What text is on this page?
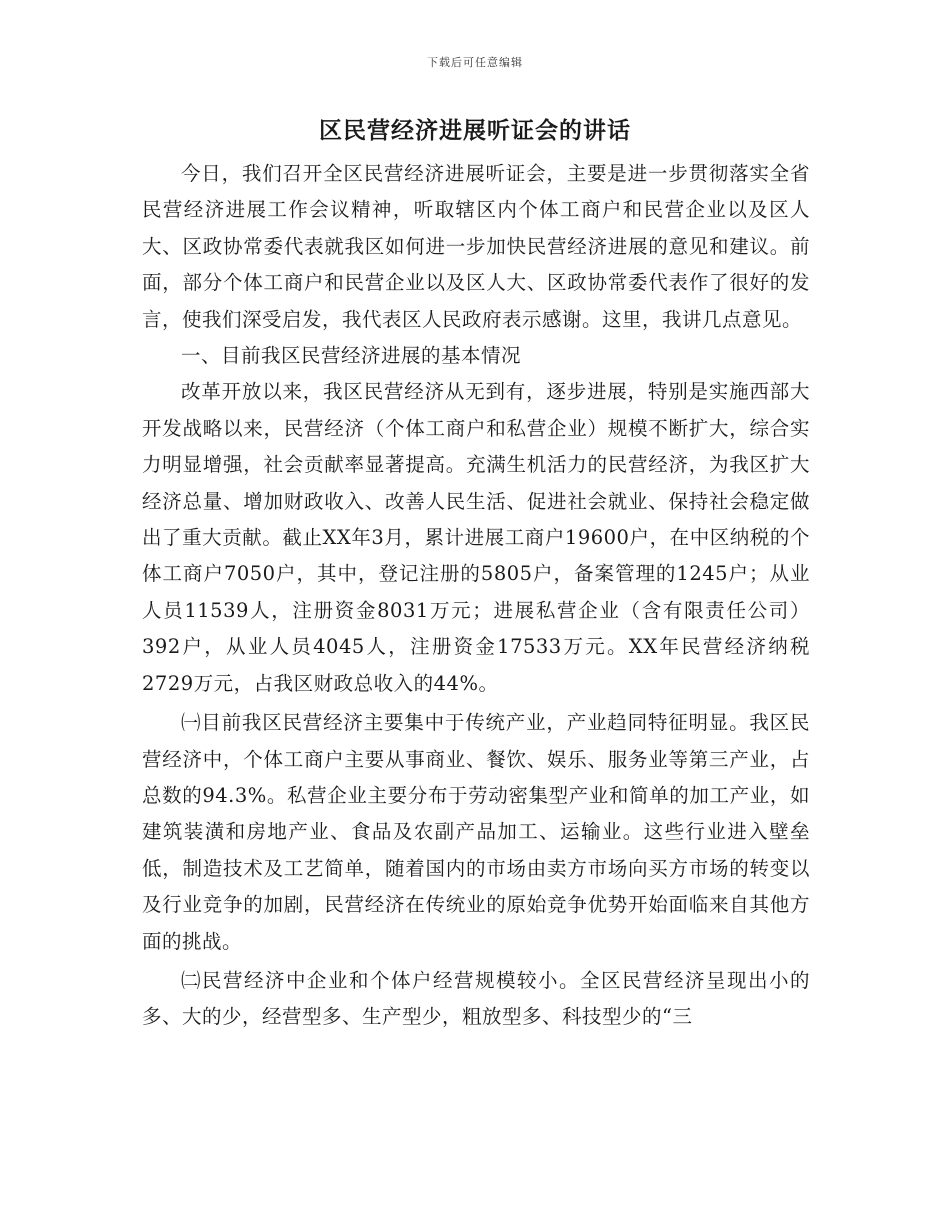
下载后可任意编辑
区民营经济进展听证会的讲话

今日，我们召开全区民营经济进展听证会，主要是进一步贯彻落实全省民营经济进展工作会议精神，听取辖区内个体工商户和民营企业以及区人大、区政协常委代表就我区如何进一步加快民营经济进展的意见和建议。前面，部分个体工商户和民营企业以及区人大、区政协常委代表作了很好的发言，使我们深受启发，我代表区人民政府表示感谢。这里，我讲几点意见。

一、目前我区民营经济进展的基本情况

改革开放以来，我区民营经济从无到有，逐步进展，特别是实施西部大开发战略以来，民营经济（个体工商户和私营企业）规模不断扩大，综合实力明显增强，社会贡献率显著提高。充满生机活力的民营经济，为我区扩大经济总量、增加财政收入、改善人民生活、促进社会就业、保持社会稳定做出了重大贡献。截止XX年3月，累计进展工商户19600户，在中区纳税的个体工商户7050户，其中，登记注册的5805户，备案管理的1245户；从业人员11539人，注册资金8031万元；进展私营企业（含有限责任公司）392户，从业人员4045人，注册资金17533万元。XX年民营经济纳税2729万元，占我区财政总收入的44%。

㈠目前我区民营经济主要集中于传统产业，产业趋同特征明显。我区民营经济中，个体工商户主要从事商业、餐饮、娱乐、服务业等第三产业，占总数的94.3%。私营企业主要分布于劳动密集型产业和简单的加工产业，如建筑装潢和房地产业、食品及农副产品加工、运输业。这些行业进入壁垒低，制造技术及工艺简单，随着国内的市场由卖方市场向买方市场的转变以及行业竞争的加剧，民营经济在传统业的原始竞争优势开始面临来自其他方面的挑战。

㈡民营经济中企业和个体户经营规模较小。全区民营经济呈现出小的多、大的少，经营型多、生产型少，粗放型多、科技型少的“三
